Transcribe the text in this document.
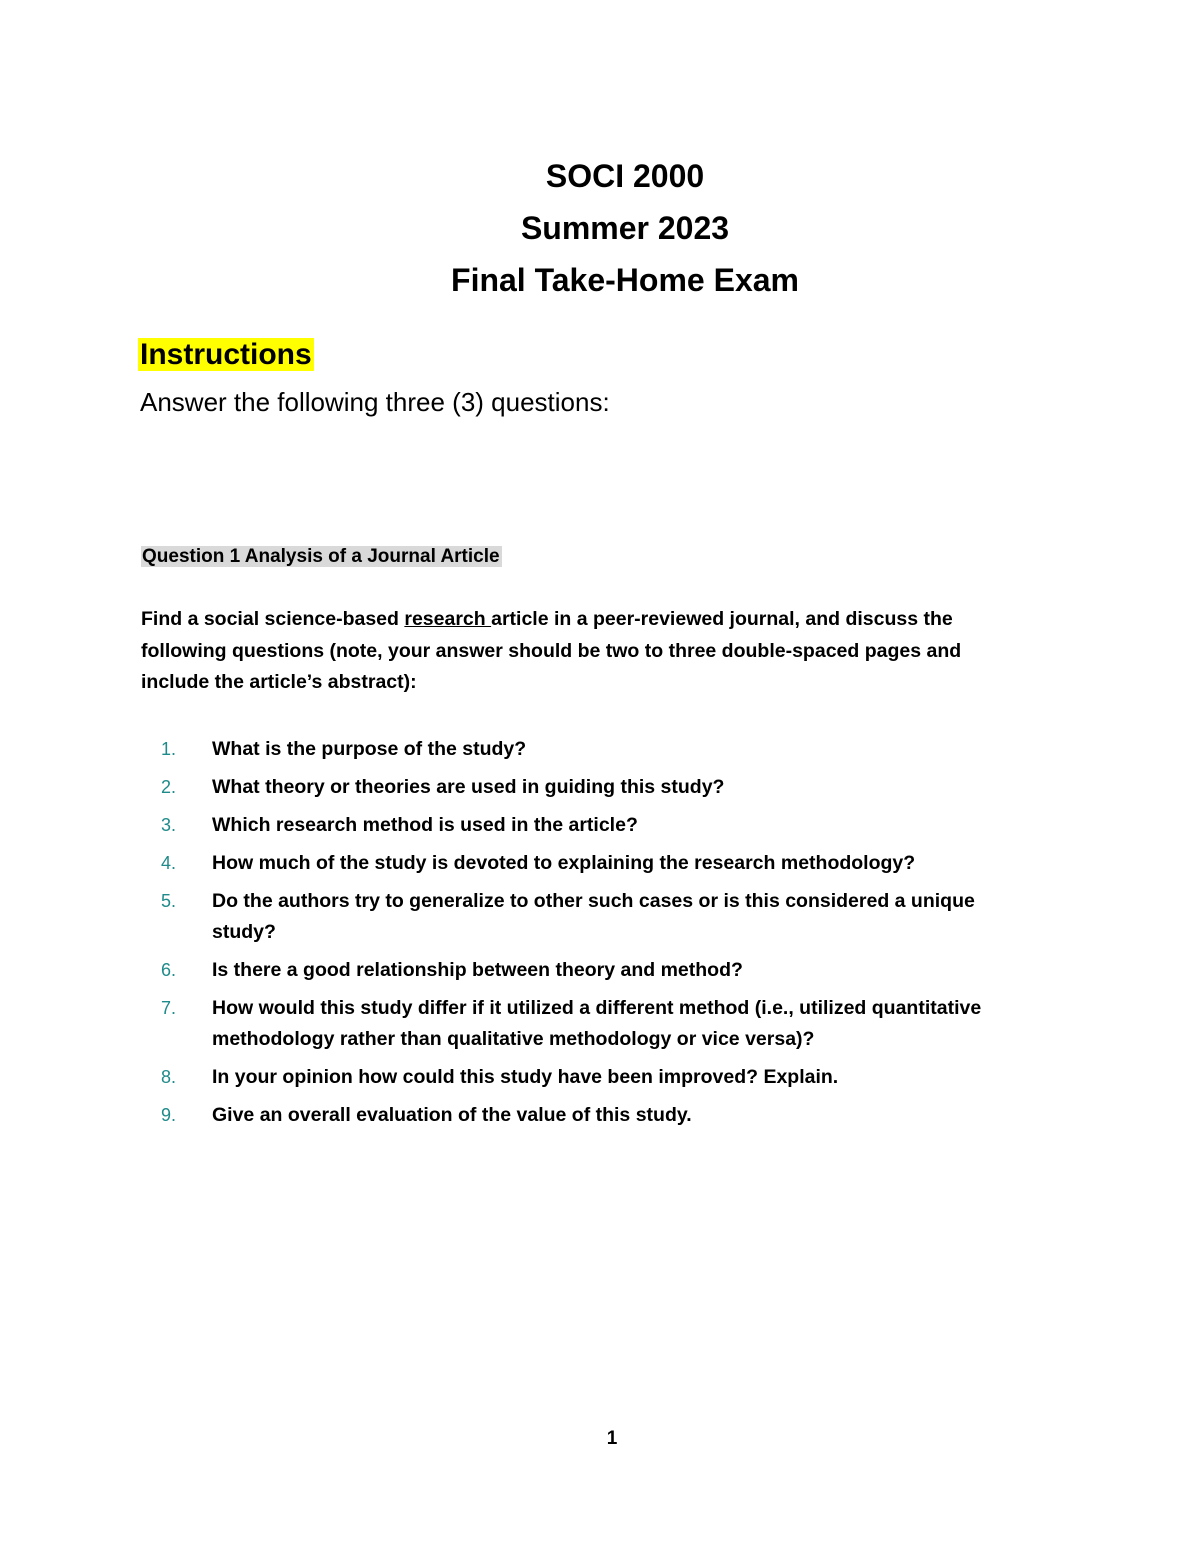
SOCI 2000
Summer 2023
Final Take-Home Exam
Instructions
Answer the following three (3) questions:
Question 1 Analysis of a Journal Article
Find a social science-based research article in a peer-reviewed journal, and discuss the following questions (note, your answer should be two to three double-spaced pages and include the article’s abstract):
1. What is the purpose of the study?
2. What theory or theories are used in guiding this study?
3. Which research method is used in the article?
4. How much of the study is devoted to explaining the research methodology?
5. Do the authors try to generalize to other such cases or is this considered a unique study?
6. Is there a good relationship between theory and method?
7. How would this study differ if it utilized a different method (i.e., utilized quantitative methodology rather than qualitative methodology or vice versa)?
8. In your opinion how could this study have been improved? Explain.
9. Give an overall evaluation of the value of this study.
1
